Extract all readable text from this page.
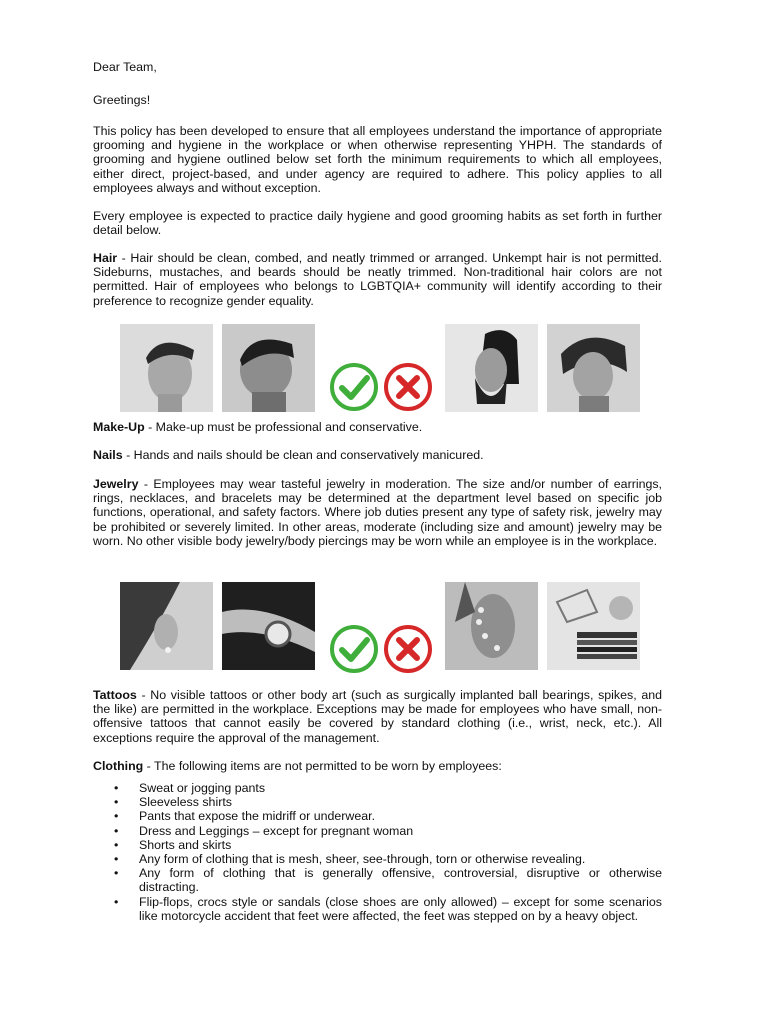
Dear Team,

Greetings!

This policy has been developed to ensure that all employees understand the importance of appropriate grooming and hygiene in the workplace or when otherwise representing YHPH. The standards of grooming and hygiene outlined below set forth the minimum requirements to which all employees, either direct, project-based, and under agency are required to adhere. This policy applies to all employees always and without exception.

Every employee is expected to practice daily hygiene and good grooming habits as set forth in further detail below.

Hair - Hair should be clean, combed, and neatly trimmed or arranged. Unkempt hair is not permitted. Sideburns, mustaches, and beards should be neatly trimmed. Non-traditional hair colors are not permitted. Hair of employees who belongs to LGBTQIA+ community will identify according to their preference to recognize gender equality.

Make-Up - Make-up must be professional and conservative.

Nails - Hands and nails should be clean and conservatively manicured.

Jewelry - Employees may wear tasteful jewelry in moderation. The size and/or number of earrings, rings, necklaces, and bracelets may be determined at the department level based on specific job functions, operational, and safety factors. Where job duties present any type of safety risk, jewelry may be prohibited or severely limited. In other areas, moderate (including size and amount) jewelry may be worn. No other visible body jewelry/body piercings may be worn while an employee is in the workplace.

Tattoos - No visible tattoos or other body art (such as surgically implanted ball bearings, spikes, and the like) are permitted in the workplace. Exceptions may be made for employees who have small, non-offensive tattoos that cannot easily be covered by standard clothing (i.e., wrist, neck, etc.). All exceptions require the approval of the management.

Clothing - The following items are not permitted to be worn by employees:

• Sweat or jogging pants
• Sleeveless shirts
• Pants that expose the midriff or underwear.
• Dress and Leggings – except for pregnant woman
• Shorts and skirts
• Any form of clothing that is mesh, sheer, see-through, torn or otherwise revealing.
• Any form of clothing that is generally offensive, controversial, disruptive or otherwise distracting.
• Flip-flops, crocs style or sandals (close shoes are only allowed) – except for some scenarios like motorcycle accident that feet were affected, the feet was stepped on by a heavy object.
